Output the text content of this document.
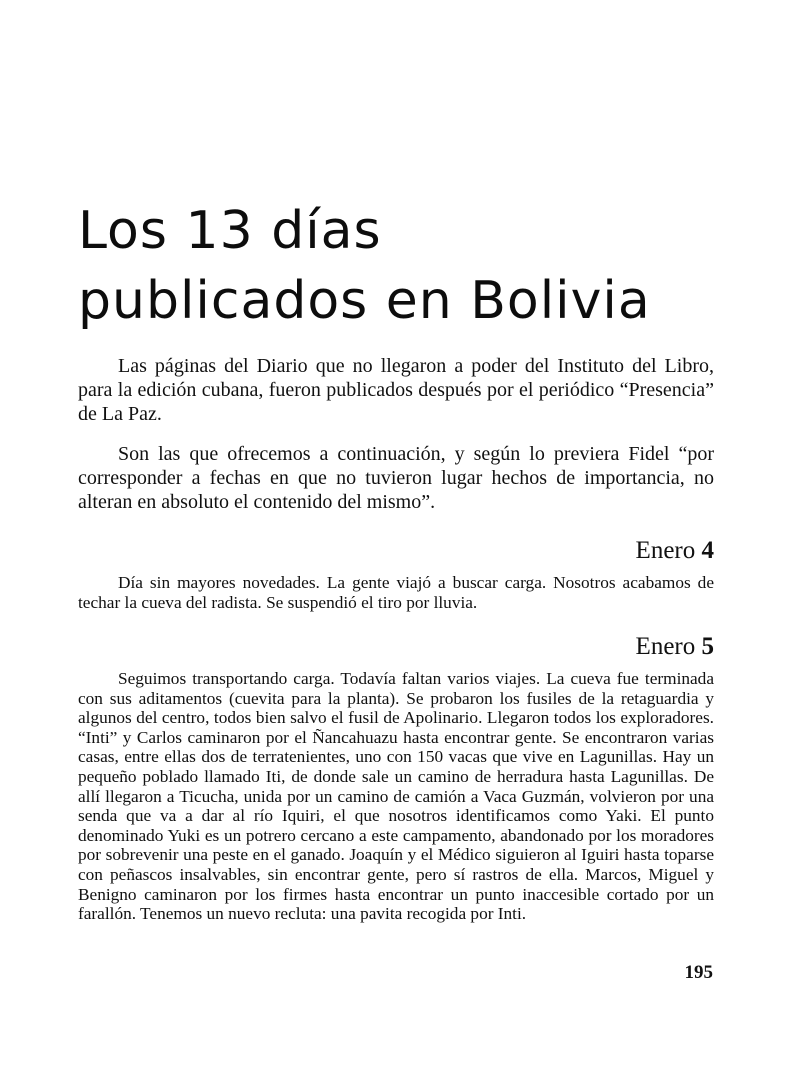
Los 13 días
publicados en Bolivia

Las páginas del Diario que no llegaron a poder del Instituto del Libro, para la edición cubana, fueron publicados después por el periódico “Presencia” de La Paz.

Son las que ofrecemos a continuación, y según lo previera Fidel “por corresponder a fechas en que no tuvieron lugar hechos de importancia, no alteran en absoluto el contenido del mismo”.

Enero 4

Día sin mayores novedades. La gente viajó a buscar carga. Nosotros acabamos de techar la cueva del radista. Se suspendió el tiro por lluvia.

Enero 5

Seguimos transportando carga. Todavía faltan varios viajes. La cueva fue terminada con sus aditamentos (cuevita para la planta). Se probaron los fusiles de la retaguardia y algunos del centro, todos bien salvo el fusil de Apolinario. Llegaron todos los exploradores. “Inti” y Carlos caminaron por el Ñancahuazu hasta encontrar gente. Se encontraron varias casas, entre ellas dos de terratenientes, uno con 150 vacas que vive en Lagunillas. Hay un pequeño poblado llamado Iti, de donde sale un camino de herradura hasta Lagunillas. De allí llegaron a Ticucha, unida por un camino de camión a Vaca Guzmán, volvieron por una senda que va a dar al río Iquiri, el que nosotros identificamos como Yaki. El punto denominado Yuki es un potrero cercano a este campamento, abandonado por los moradores por sobrevenir una peste en el ganado. Joaquín y el Médico siguieron al Iguiri hasta toparse con peñascos insalvables, sin encontrar gente, pero sí rastros de ella. Marcos, Miguel y Benigno caminaron por los firmes hasta encontrar un punto inaccesible cortado por un farallón. Tenemos un nuevo recluta: una pavita recogida por Inti.

195
